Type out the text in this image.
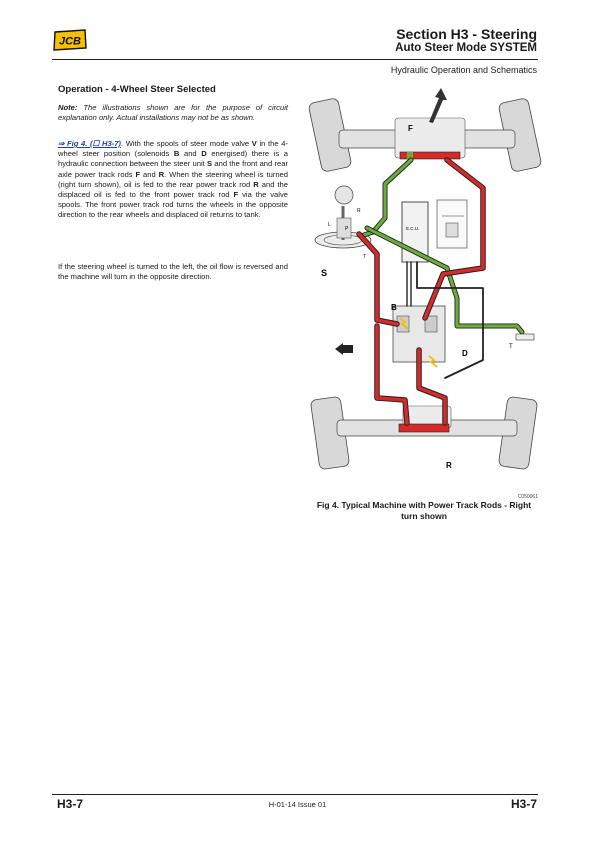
JCB	Section H3 - Steering
Auto Steer Mode SYSTEM
Hydraulic Operation and Schematics
Operation - 4-Wheel Steer Selected
Note: The illustrations shown are for the purpose of circuit explanation only. Actual installations may not be as shown.
⇒ Fig 4. (☐ H3-7). With the spools of steer mode valve V in the 4-wheel steer position (solenoids B and D energised) there is a hydraulic connection between the steer unit S and the front and rear axle power track rods F and R. When the steering wheel is turned (right turn shown), oil is fed to the rear power track rod R and the displaced oil is fed to the front power track rod F via the valve spools. The front power track rod turns the wheels in the opposite direction to the rear wheels and displaced oil returns to tank.
If the steering wheel is turned to the left, the oil flow is reversed and the machine will turn in the opposite direction.
F
R
L
P
T
S
E.C.U.
B
D
T
R
C050061
Fig 4. Typical Machine with Power Track Rods - Right turn shown
H3-7	H-01-14 Issue 01	H3-7
